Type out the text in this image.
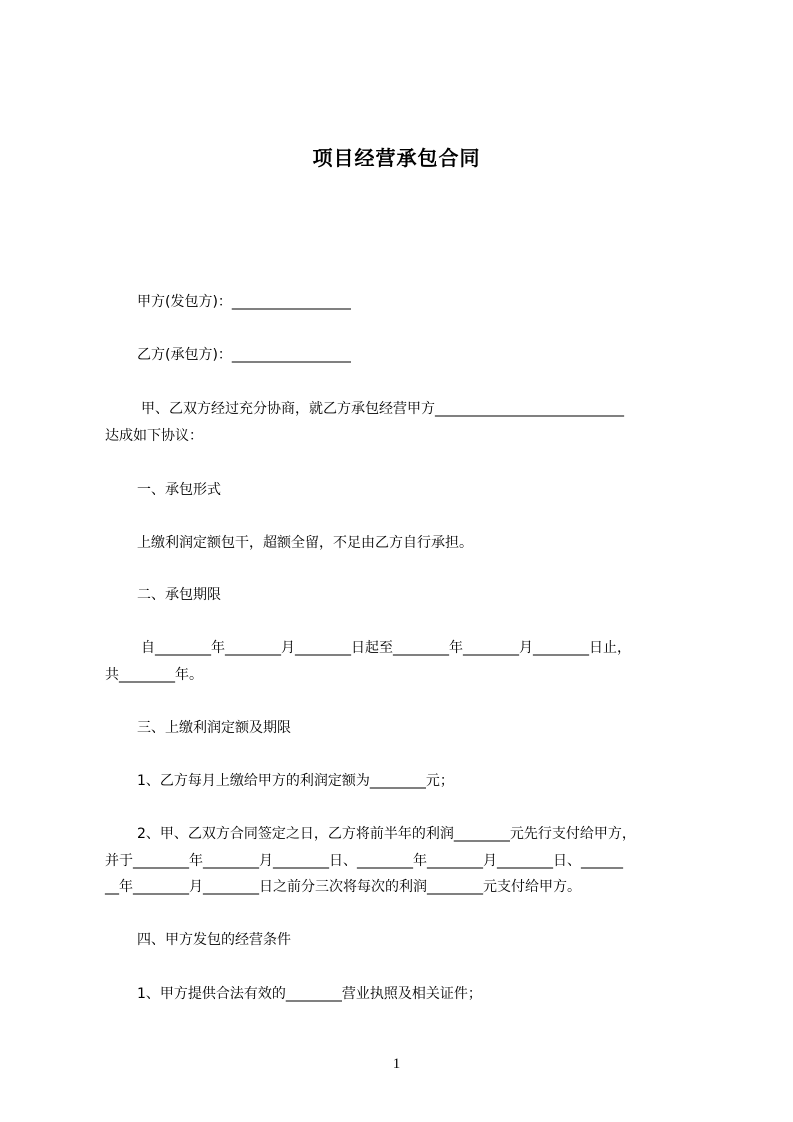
项目经营承包合同
甲方(发包方)：_________________
乙方(承包方)：_________________
甲、乙双方经过充分协商，就乙方承包经营甲方___________________________
达成如下协议：
一、承包形式
上缴利润定额包干，超额全留，不足由乙方自行承担。
二、承包期限
自________年________月________日起至________年________月________日止，
共________年。
三、上缴利润定额及期限
1、乙方每月上缴给甲方的利润定额为________元；
2、甲、乙双方合同签定之日，乙方将前半年的利润________元先行支付给甲方，
并于________年________月________日、________年________月________日、______
__年________月________日之前分三次将每次的利润________元支付给甲方。
四、甲方发包的经营条件
1、甲方提供合法有效的________营业执照及相关证件；
1
